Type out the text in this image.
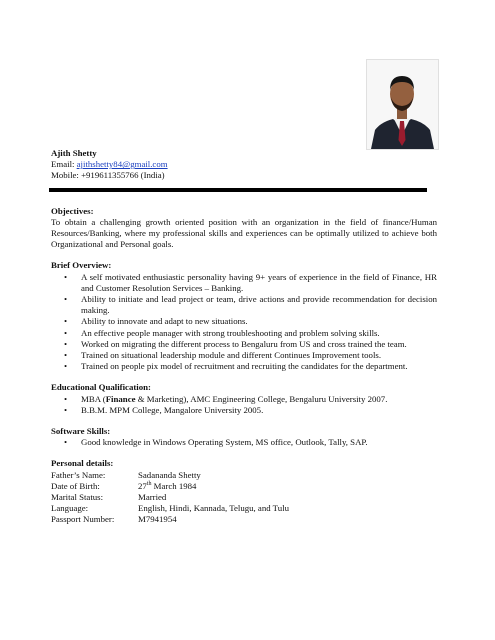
Ajith Shetty
Email: ajithshetty84@gmail.com
Mobile: +919611355766 (India)
Objectives:
To obtain a challenging growth oriented position with an organization in the field of finance/Human Resources/Banking, where my professional skills and experiences can be optimally utilized to achieve both Organizational and Personal goals.
Brief Overview:
• A self motivated enthusiastic personality having 9+ years of experience in the field of Finance, HR and Customer Resolution Services – Banking.
• Ability to initiate and lead project or team, drive actions and provide recommendation for decision making.
• Ability to innovate and adapt to new situations.
• An effective people manager with strong troubleshooting and problem solving skills.
• Worked on migrating the different process to Bengaluru from US and cross trained the team.
• Trained on situational leadership module and different Continues Improvement tools.
• Trained on people pix model of recruitment and recruiting the candidates for the department.
Educational Qualification:
• MBA (Finance & Marketing), AMC Engineering College, Bengaluru University 2007.
• B.B.M. MPM College, Mangalore University 2005.
Software Skills:
• Good knowledge in Windows Operating System, MS office, Outlook, Tally, SAP.
Personal details:
Father’s Name:	Sadananda Shetty
Date of Birth:	27th March 1984
Marital Status:	Married
Language:	English, Hindi, Kannada, Telugu, and Tulu
Passport Number:	M7941954
